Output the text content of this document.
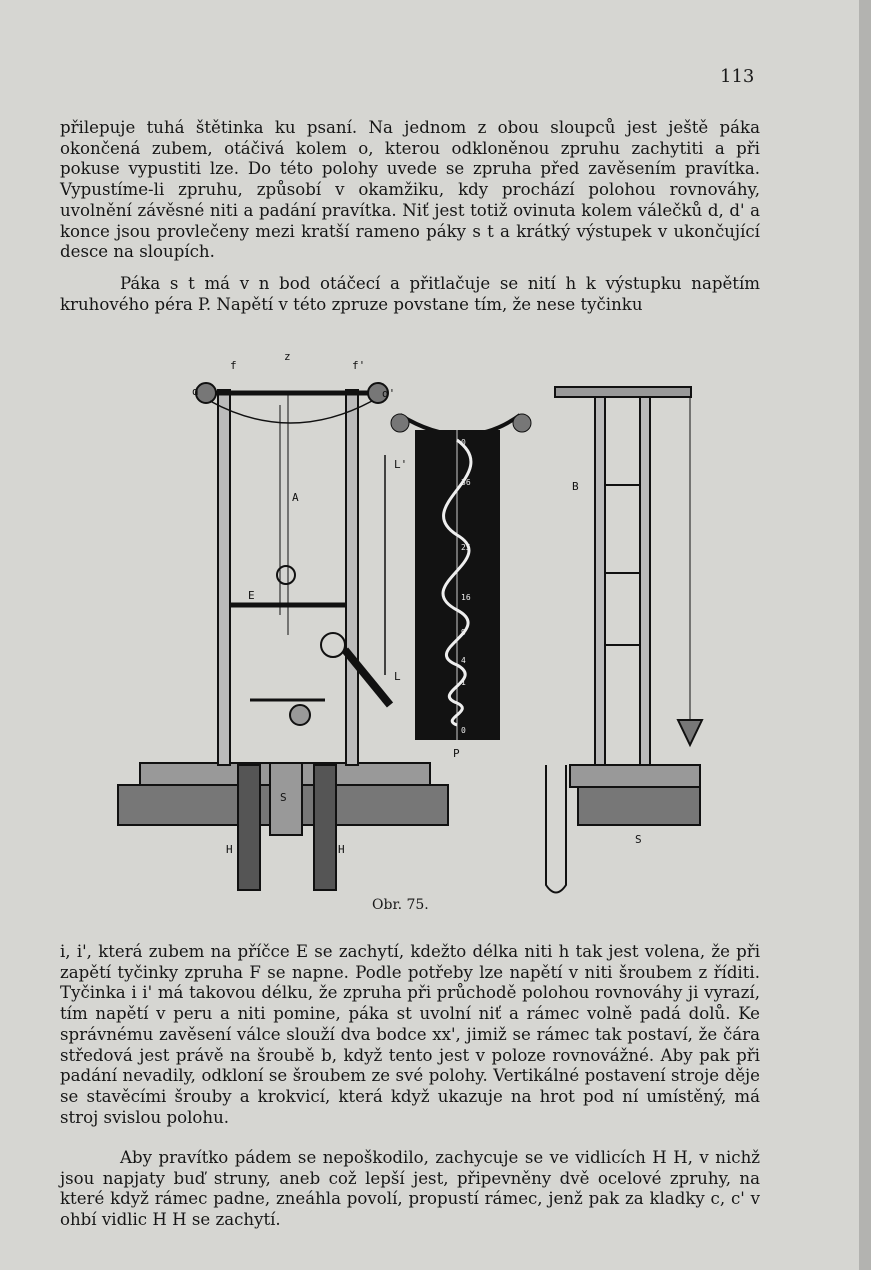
113

přilepuje tuhá štětinka ku psaní. Na jednom z obou sloupců jest ještě páka okončená zubem, otáčivá kolem o, kterou odkloněnou zpruhu zachytiti a při pokuse vypustiti lze. Do této polohy uvede se zpruha před zavěsením pravítka. Vypustíme-li zpruhu, způsobí v okamžiku, kdy prochází polohou rovnováhy, uvolnění závěsné niti a padání pravítka. Niť jest totiž ovinuta kolem válečků d, d' a konce jsou provlečeny mezi kratší rameno páky s t a krátký výstupek v ukončující desce na sloupích.

Páka s t má v n bod otáčecí a přitlačuje se nití h k výstupku napětím kruhového péra P. Napětí v této zpruze povstane tím, že nese tyčinku

z
f	f'
d	d'
A
E
S
H	H
L'
L
P
B
S
0
36
25
16
9
4
1
0
Obr. 75.

i, i', která zubem na příčce E se zachytí, kdežto délka niti h tak jest volena, že při zapětí tyčinky zpruha F se napne. Podle potřeby lze napětí v niti šroubem z říditi. Tyčinka i i' má takovou délku, že zpruha při průchodě polohou rovnováhy ji vyrazí, tím napětí v peru a niti pomine, páka st uvolní niť a rámec volně padá dolů. Ke správnému zavěsení válce slouží dva bodce xx', jimiž se rámec tak postaví, že čára středová jest právě na šroubě b, když tento jest v poloze rovnovážné. Aby pak při padání nevadily, odkloní se šroubem ze své polohy. Vertikálné postavení stroje děje se stavěcími šrouby a krokvicí, která když ukazuje na hrot pod ní umístěný, má stroj svislou polohu.

Aby pravítko pádem se nepoškodilo, zachycuje se ve vidlicích H H, v nichž jsou napjaty buď struny, aneb což lepší jest, připevněny dvě ocelové zpruhy, na které když rámec padne, zneáhla povolí, propustí rámec, jenž pak za kladky c, c' v ohbí vidlic H H se zachytí.
